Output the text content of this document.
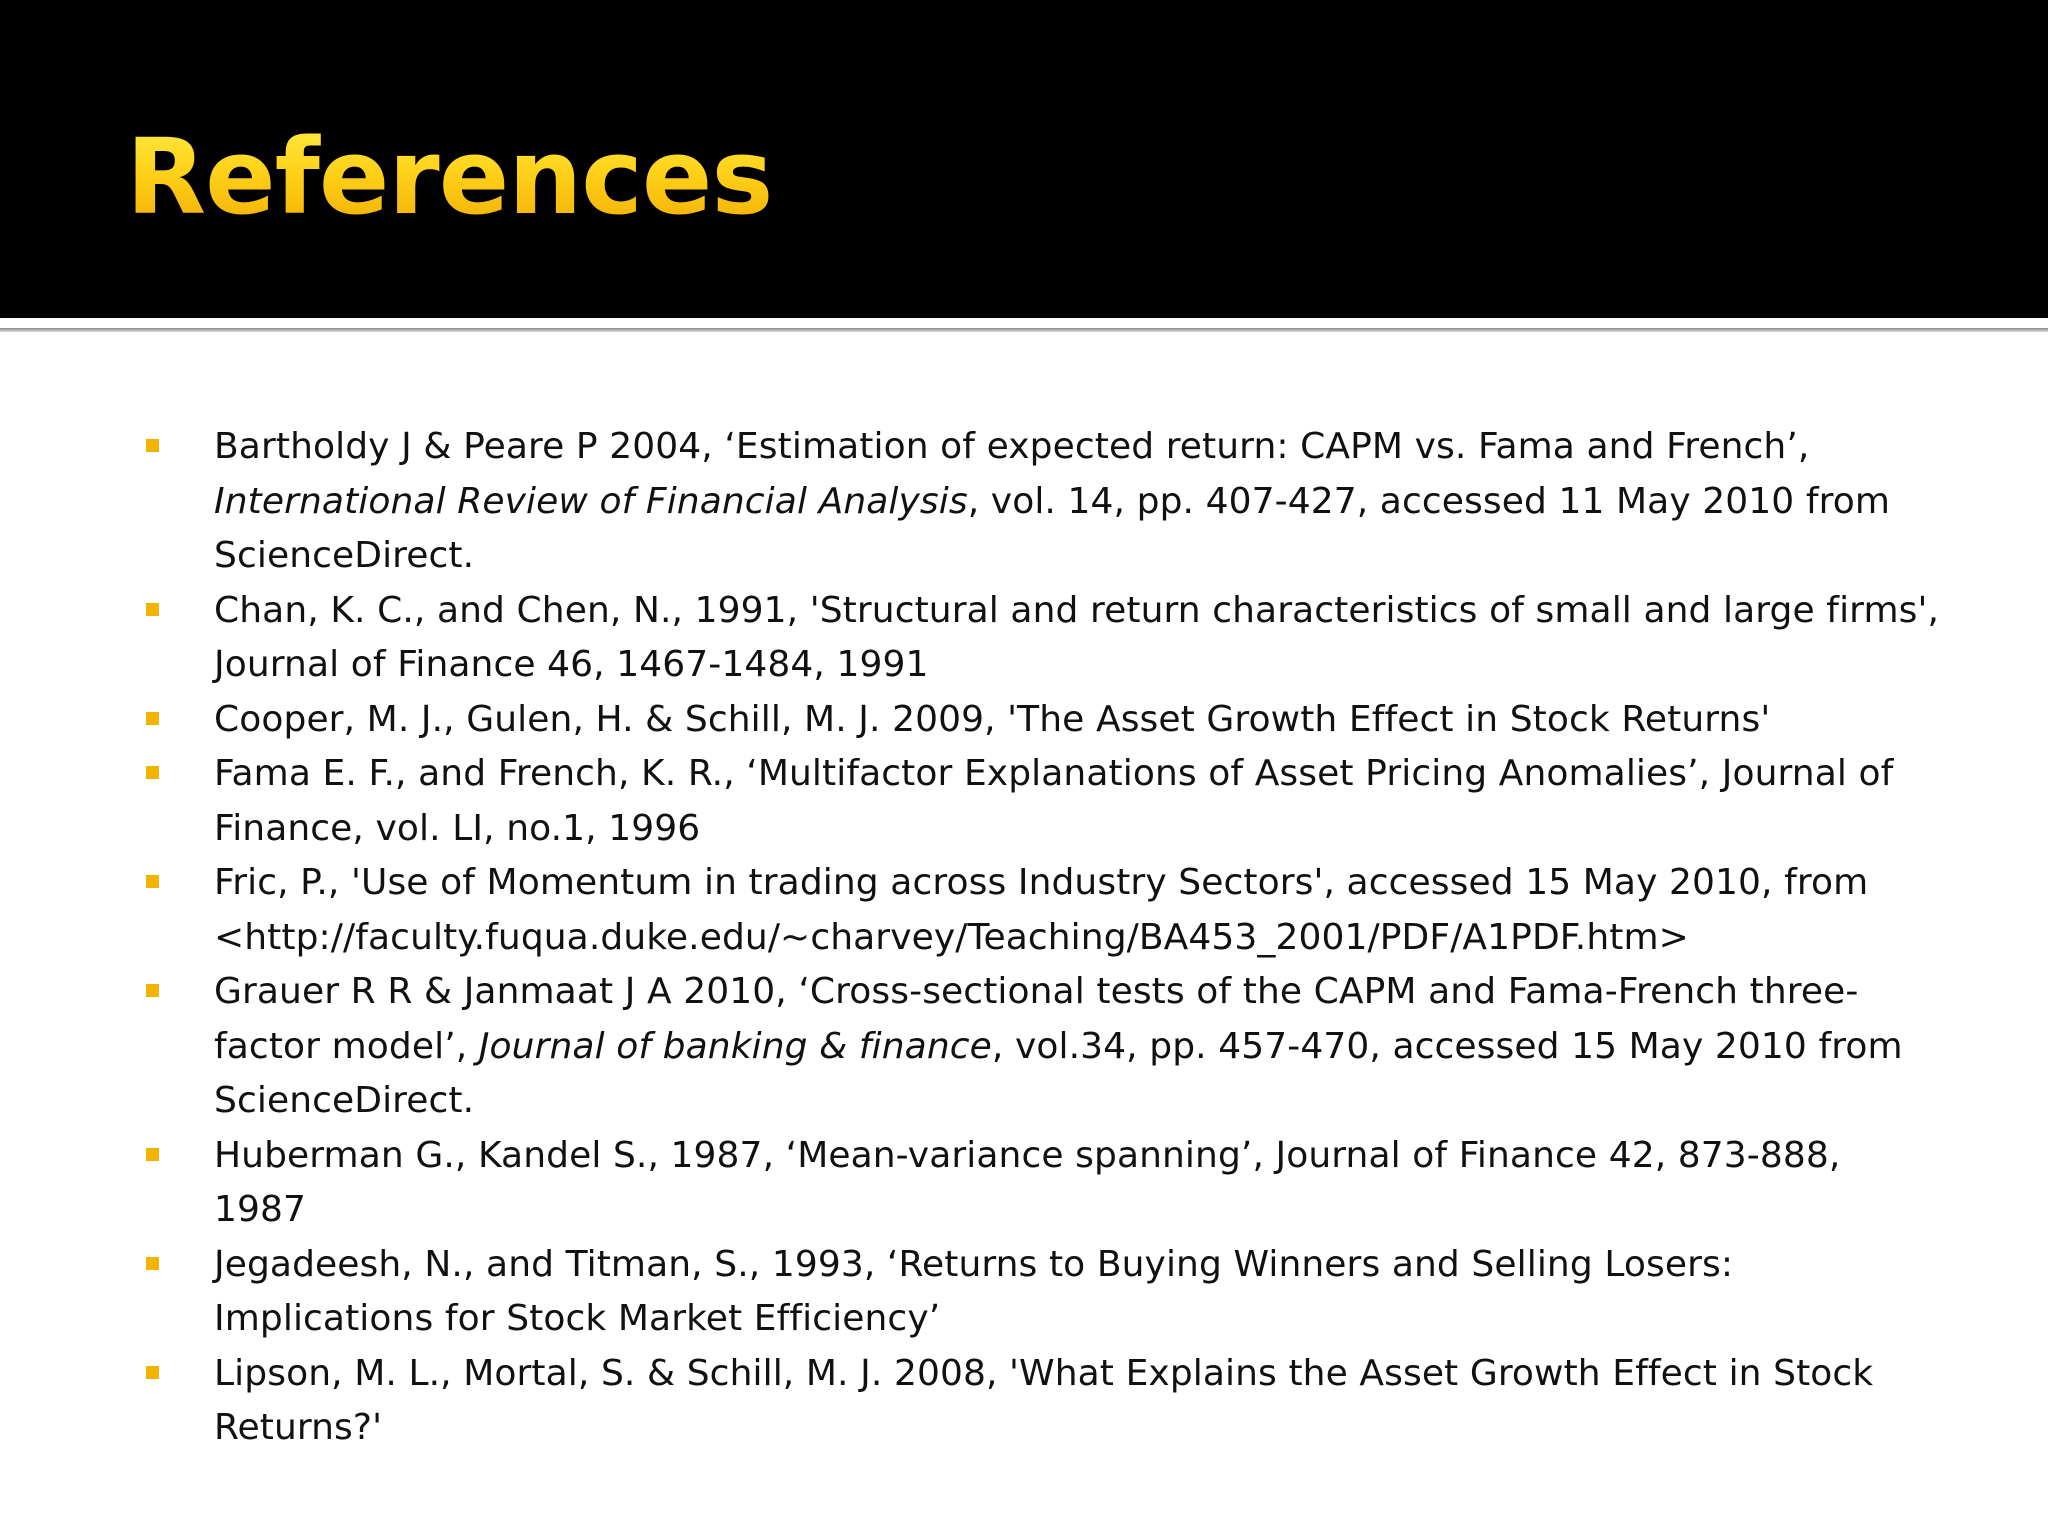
References
Bartholdy J & Peare P 2004, ‘Estimation of expected return: CAPM vs. Fama and French’, International Review of Financial Analysis, vol. 14, pp. 407-427, accessed 11 May 2010 from ScienceDirect.
Chan, K. C., and Chen, N., 1991, 'Structural and return characteristics of small and large firms', Journal of Finance 46, 1467-1484, 1991
Cooper, M. J., Gulen, H. & Schill, M. J. 2009, 'The Asset Growth Effect in Stock Returns'
Fama E. F., and French, K. R., ‘Multifactor Explanations of Asset Pricing Anomalies’, Journal of Finance, vol. LI, no.1, 1996
Fric, P., 'Use of Momentum in trading across Industry Sectors', accessed 15 May 2010, from <http://faculty.fuqua.duke.edu/~charvey/Teaching/BA453_2001/PDF/A1PDF.htm>
Grauer R R & Janmaat J A 2010, ‘Cross-sectional tests of the CAPM and Fama-French three-factor model’, Journal of banking & finance, vol.34, pp. 457-470, accessed 15 May 2010 from ScienceDirect.
Huberman G., Kandel S., 1987, ‘Mean-variance spanning’, Journal of Finance 42, 873-888, 1987
Jegadeesh, N., and Titman, S., 1993, ‘Returns to Buying Winners and Selling Losers: Implications for Stock Market Efficiency’
Lipson, M. L., Mortal, S. & Schill, M. J. 2008, 'What Explains the Asset Growth Effect in Stock Returns?'
